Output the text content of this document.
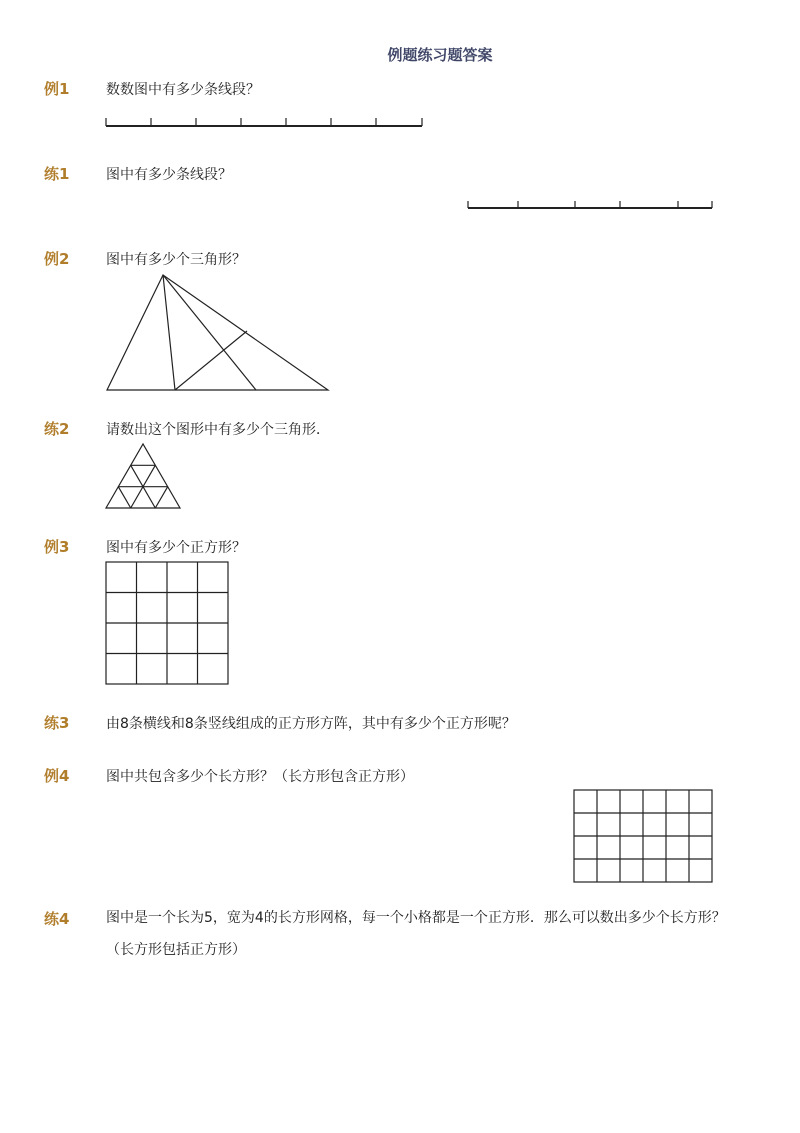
例题练习题答案
例1	数数图中有多少条线段？
练1	图中有多少条线段？
例2	图中有多少个三角形？
练2	请数出这个图形中有多少个三角形．
例3	图中有多少个正方形？
练3	由8条横线和8条竖线组成的正方形方阵，其中有多少个正方形呢？
例4	图中共包含多少个长方形？（长方形包含正方形）
练4	图中是一个长为5，宽为4的长方形网格，每一个小格都是一个正方形．那么可以数出多少个长方形？（长方形包括正方形）
